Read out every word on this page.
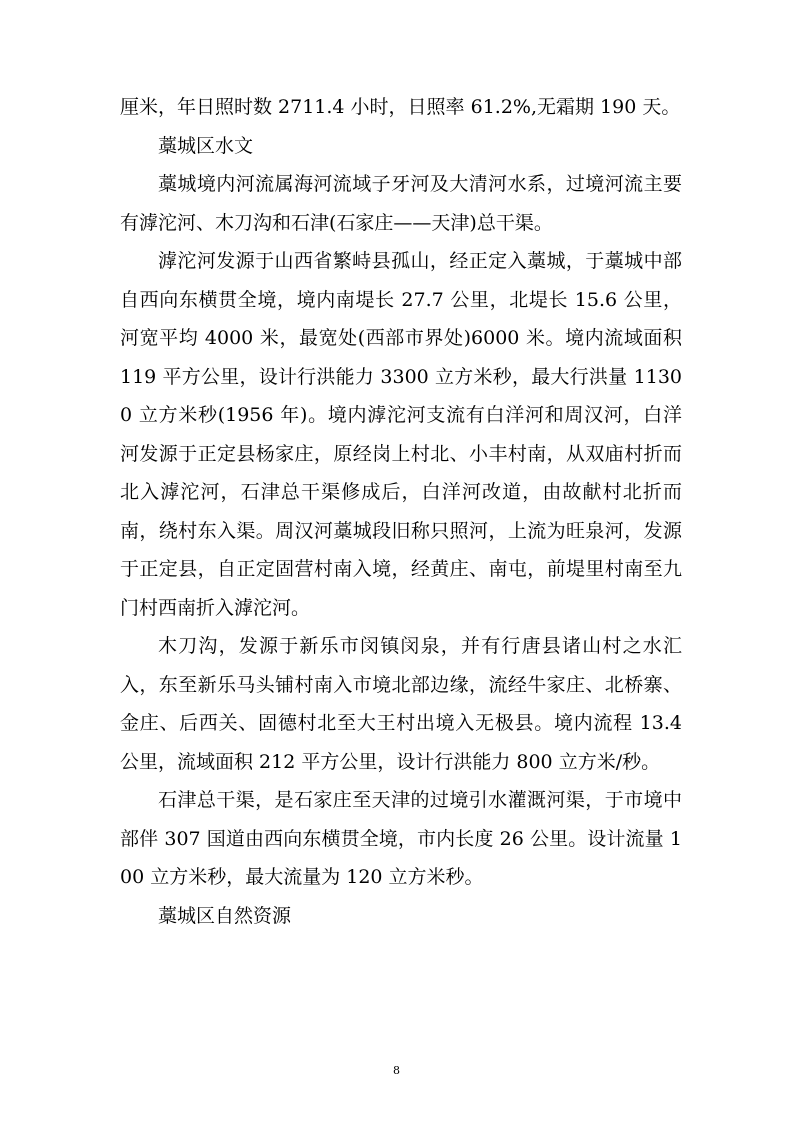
厘米，年日照时数 2711.4 小时，日照率 61.2%,无霜期 190 天。

藁城区水文

藁城境内河流属海河流域子牙河及大清河水系，过境河流主要有滹沱河、木刀沟和石津(石家庄——天津)总干渠。

滹沱河发源于山西省繁峙县孤山，经正定入藁城，于藁城中部自西向东横贯全境，境内南堤长 27.7 公里，北堤长 15.6 公里，河宽平均 4000 米，最宽处(西部市界处)6000 米。境内流域面积 119 平方公里，设计行洪能力 3300 立方米秒，最大行洪量 11300 立方米秒(1956 年)。境内滹沱河支流有白洋河和周汉河，白洋河发源于正定县杨家庄，原经岗上村北、小丰村南，从双庙村折而北入滹沱河，石津总干渠修成后，白洋河改道，由故献村北折而南，绕村东入渠。周汉河藁城段旧称只照河，上流为旺泉河，发源于正定县，自正定固营村南入境，经黄庄、南屯，前堤里村南至九门村西南折入滹沱河。

木刀沟，发源于新乐市闵镇闵泉，并有行唐县诸山村之水汇入，东至新乐马头铺村南入市境北部边缘，流经牛家庄、北桥寨、金庄、后西关、固德村北至大王村出境入无极县。境内流程 13.4 公里，流域面积 212 平方公里，设计行洪能力 800 立方米/秒。

石津总干渠，是石家庄至天津的过境引水灌溉河渠，于市境中部伴 307 国道由西向东横贯全境，市内长度 26 公里。设计流量 100 立方米秒，最大流量为 120 立方米秒。

藁城区自然资源

8
